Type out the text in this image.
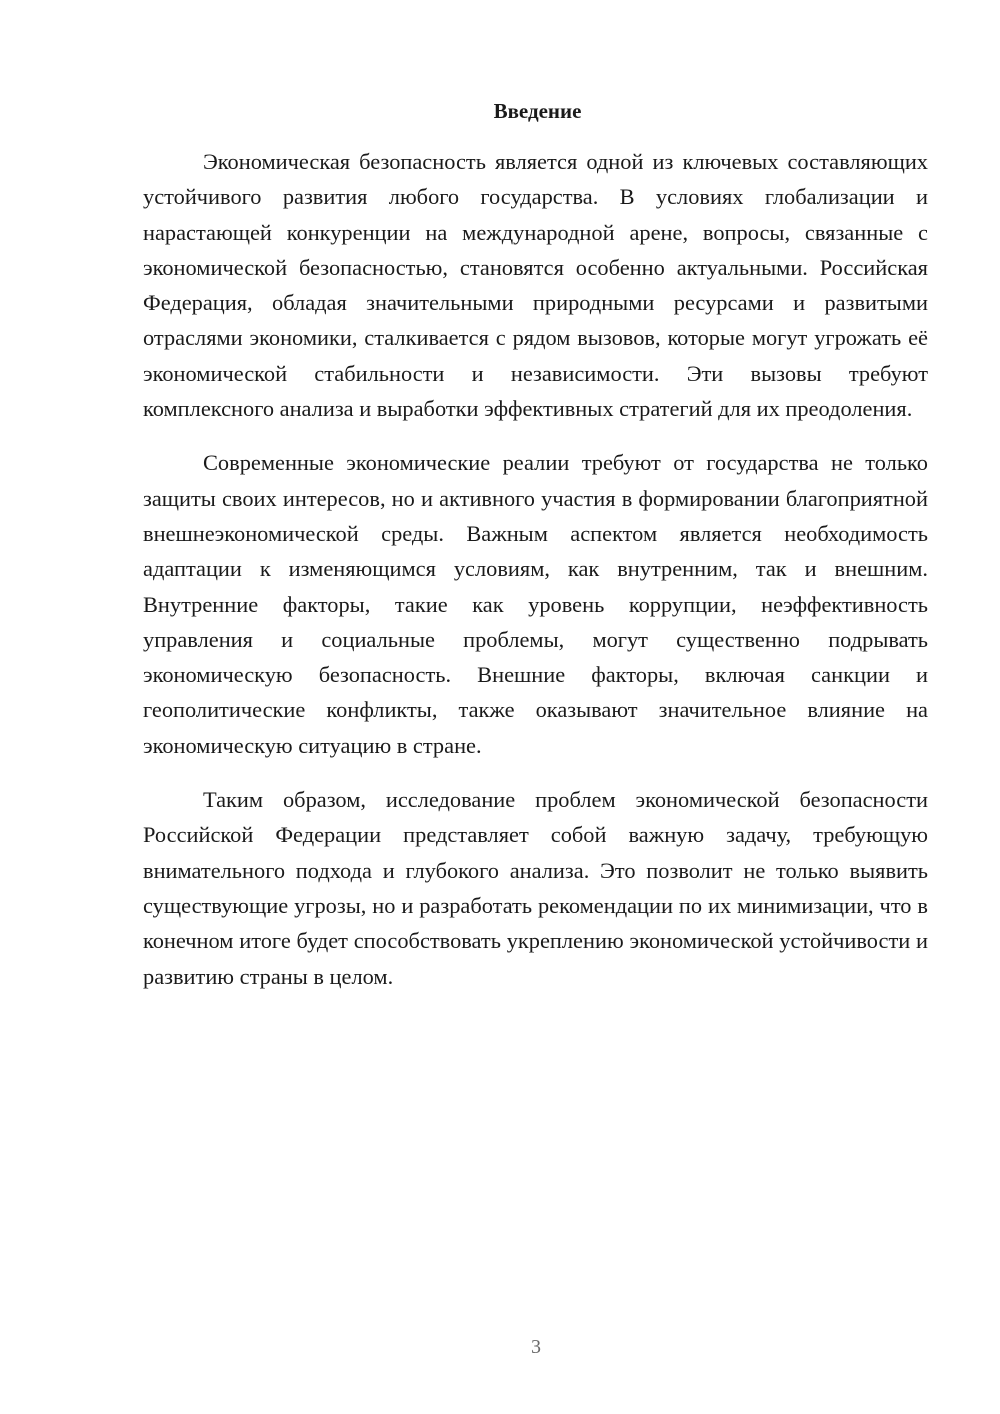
Введение

Экономическая безопасность является одной из ключевых составляющих устойчивого развития любого государства. В условиях глобализации и нарастающей конкуренции на международной арене, вопросы, связанные с экономической безопасностью, становятся особенно актуальными. Российская Федерация, обладая значительными природными ресурсами и развитыми отраслями экономики, сталкивается с рядом вызовов, которые могут угрожать её экономической стабильности и независимости. Эти вызовы требуют комплексного анализа и выработки эффективных стратегий для их преодоления.

Современные экономические реалии требуют от государства не только защиты своих интересов, но и активного участия в формировании благоприятной внешнеэкономической среды. Важным аспектом является необходимость адаптации к изменяющимся условиям, как внутренним, так и внешним. Внутренние факторы, такие как уровень коррупции, неэффективность управления и социальные проблемы, могут существенно подрывать экономическую безопасность. Внешние факторы, включая санкции и геополитические конфликты, также оказывают значительное влияние на экономическую ситуацию в стране.

Таким образом, исследование проблем экономической безопасности Российской Федерации представляет собой важную задачу, требующую внимательного подхода и глубокого анализа. Это позволит не только выявить существующие угрозы, но и разработать рекомендации по их минимизации, что в конечном итоге будет способствовать укреплению экономической устойчивости и развитию страны в целом.

3
